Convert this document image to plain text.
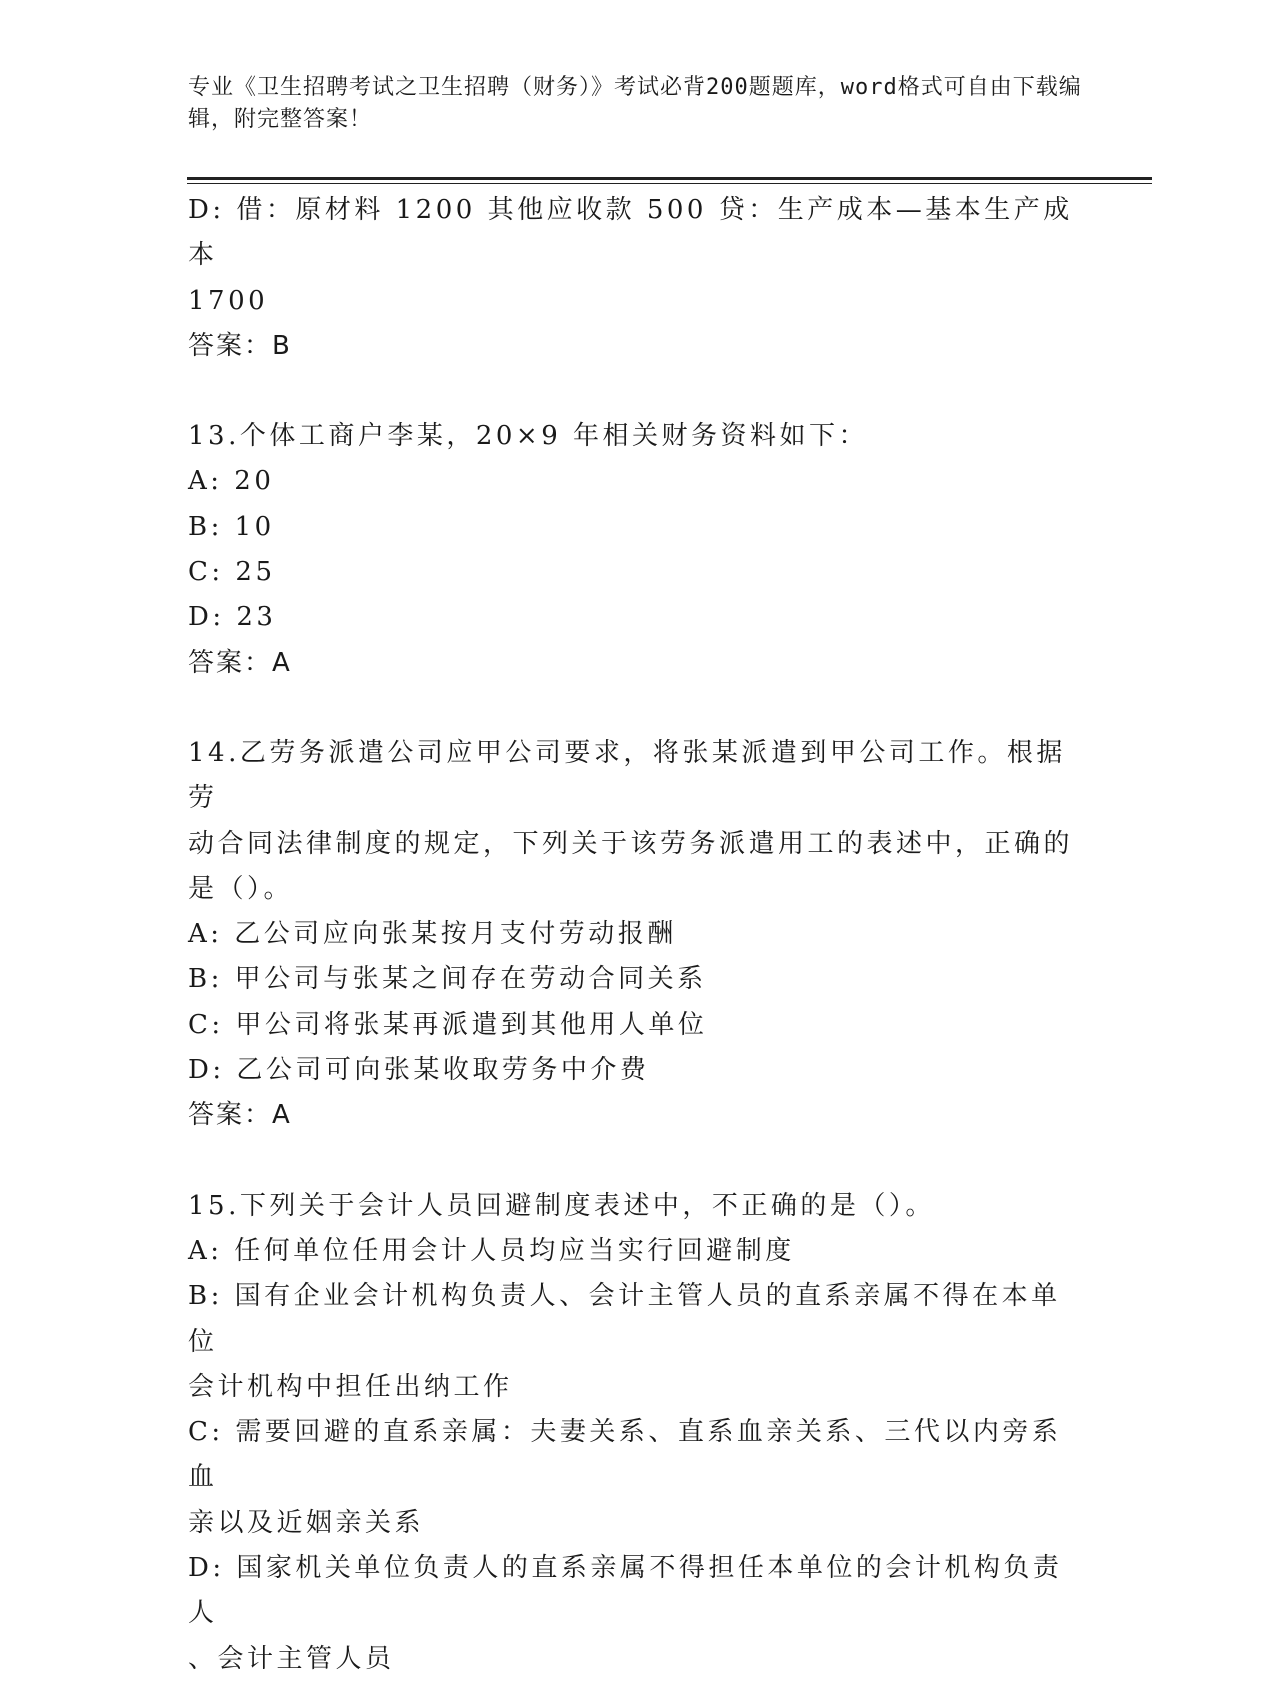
专业《卫生招聘考试之卫生招聘（财务）》考试必背200题题库，word格式可自由下载编辑，附完整答案！
D: 借：原材料 1200 其他应收款 500 贷：生产成本—基本生产成本
1700
答案：B
13.个体工商户李某，20×9 年相关财务资料如下：
A: 20
B: 10
C: 25
D: 23
答案：A
14.乙劳务派遣公司应甲公司要求，将张某派遣到甲公司工作。根据劳
动合同法律制度的规定，下列关于该劳务派遣用工的表述中，正确的
是（）。
A: 乙公司应向张某按月支付劳动报酬
B: 甲公司与张某之间存在劳动合同关系
C: 甲公司将张某再派遣到其他用人单位
D: 乙公司可向张某收取劳务中介费
答案：A
15.下列关于会计人员回避制度表述中，不正确的是（）。
A: 任何单位任用会计人员均应当实行回避制度
B: 国有企业会计机构负责人、会计主管人员的直系亲属不得在本单位
会计机构中担任出纳工作
C: 需要回避的直系亲属：夫妻关系、直系血亲关系、三代以内旁系血
亲以及近姻亲关系
D: 国家机关单位负责人的直系亲属不得担任本单位的会计机构负责人
、会计主管人员
